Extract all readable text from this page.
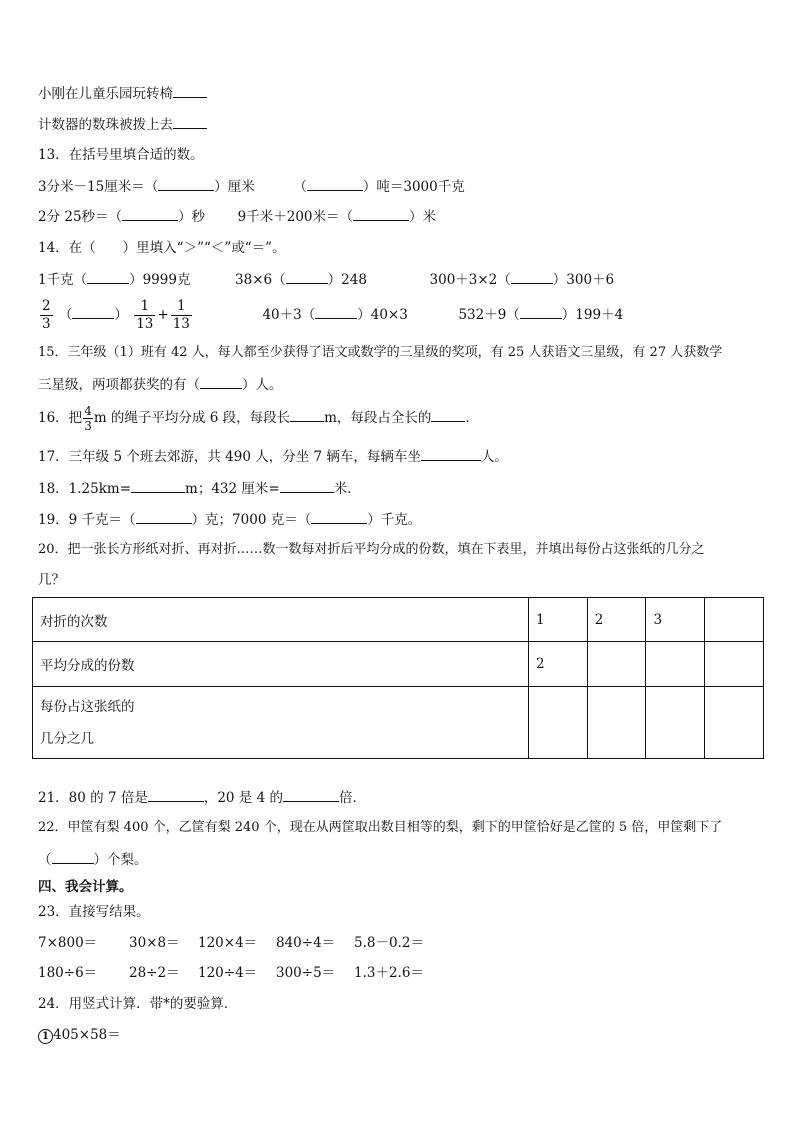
小刚在儿童乐园玩转椅
计数器的数珠被拨上去
13．在括号里填合适的数。
3分米－15厘米＝（	）厘米	（	）吨＝3000千克
2分 25秒＝（	）秒 9千米＋200米＝（	）米
14．在（　　）里填入“＞”“＜”或“＝”。
1千克（	）9999克	38×6（	）248	300＋3×2（	）300＋6
$\frac{2}{3}$ （	） $\frac{1}{13} + \frac{1}{13}$	40＋3（	）40×3	532＋9（	）199＋4
15．三年级（1）班有 42 人，每人都至少获得了语文或数学的三星级的奖项，有 25 人获语文三星级，有 27 人获数学
三星级，两项都获奖的有（	）人。
16．把 $\frac{4}{3}$ m 的绳子平均分成 6 段，每段长	m，每段占全长的	．
17．三年级 5 个班去郊游，共 490 人，分坐 7 辆车，每辆车坐	人。
18．1.25km=	m；432 厘米=	米．
19．9 千克＝（	）克；7000 克＝（	）千克。
20．把一张长方形纸对折、再对折……数一数每对折后平均分成的份数，填在下表里，并填出每份占这张纸的几分之
几？
对折的次数	1	2	3	
平均分成的份数	2			

每份占这张纸的
几分之几				

21．80 的 7 倍是	，20 是 4 的	倍．
22．甲筐有梨 400 个，乙筐有梨 240 个，现在从两筐取出数目相等的梨，剩下的甲筐恰好是乙筐的 5 倍，甲筐剩下了
（	）个梨。
四、我会计算。
23．直接写结果。
7×800＝ 30×8＝ 120×4＝ 840÷4＝ 5.8－0.2＝
180÷6＝ 28÷2＝ 120÷4＝ 300÷5＝ 1.3＋2.6＝
24．用竖式计算．带*的要验算．
1 405×58＝
